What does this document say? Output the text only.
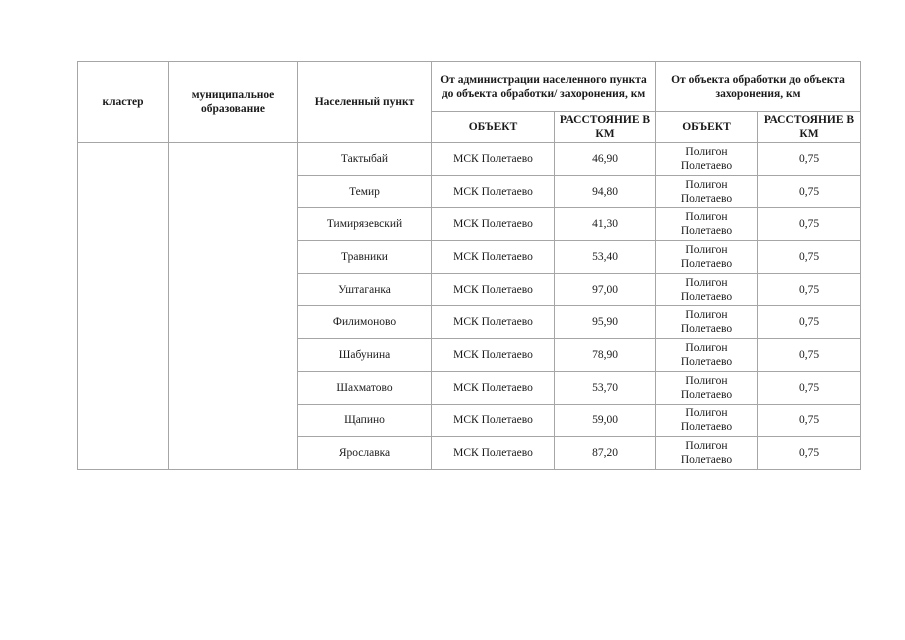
кластер	муниципальное образование	Населенный пункт	От администрации населенного пункта до объекта обработки/ захоронения, км		От объекта обработки до объекта захоронения, км	
			ОБЪЕКТ	РАССТОЯНИЕ В КМ	ОБЪЕКТ	РАССТОЯНИЕ В КМ
		Тактыбай	МСК Полетаево	46,90	Полигон Полетаево	0,75
		Темир	МСК Полетаево	94,80	Полигон Полетаево	0,75
		Тимирязевский	МСК Полетаево	41,30	Полигон Полетаево	0,75
		Травники	МСК Полетаево	53,40	Полигон Полетаево	0,75
		Уштаганка	МСК Полетаево	97,00	Полигон Полетаево	0,75
		Филимоново	МСК Полетаево	95,90	Полигон Полетаево	0,75
		Шабунина	МСК Полетаево	78,90	Полигон Полетаево	0,75
		Шахматово	МСК Полетаево	53,70	Полигон Полетаево	0,75
		Щапино	МСК Полетаево	59,00	Полигон Полетаево	0,75
		Ярославка	МСК Полетаево	87,20	Полигон Полетаево	0,75
